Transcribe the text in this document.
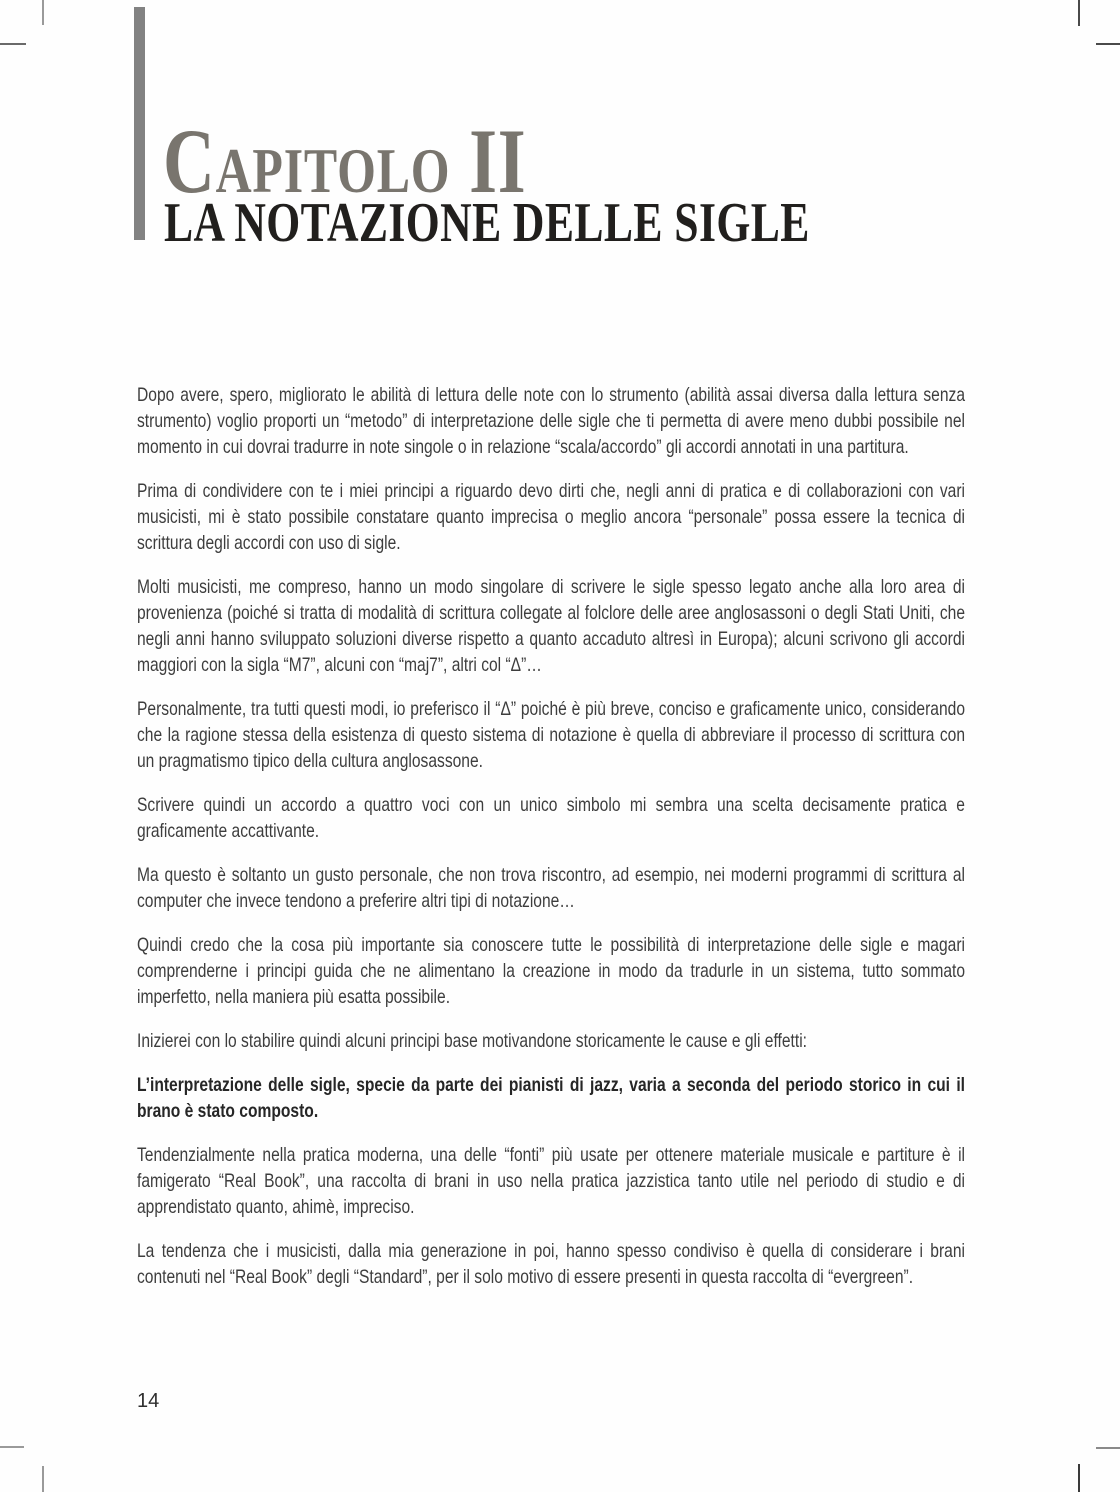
Capitolo II
LA NOTAZIONE DELLE SIGLE

Dopo avere, spero, migliorato le abilità di lettura delle note con lo strumento (abilità assai diversa dalla lettura senza strumento) voglio proporti un “metodo” di interpretazione delle sigle che ti permetta di avere meno dubbi possibile nel momento in cui dovrai tradurre in note singole o in relazione “scala/accordo” gli accordi annotati in una partitura.

Prima di condividere con te i miei principi a riguardo devo dirti che, negli anni di pratica e di collaborazioni con vari musicisti, mi è stato possibile constatare quanto imprecisa o meglio ancora “personale” possa essere la tecnica di scrittura degli accordi con uso di sigle.

Molti musicisti, me compreso, hanno un modo singolare di scrivere le sigle spesso legato anche alla loro area di provenienza (poiché si tratta di modalità di scrittura collegate al folclore delle aree anglosassoni o degli Stati Uniti, che negli anni hanno sviluppato soluzioni diverse rispetto a quanto accaduto altresì in Europa); alcuni scrivono gli accordi maggiori con la sigla “M7”, alcuni con “maj7”, altri col “Δ”…

Personalmente, tra tutti questi modi, io preferisco il “Δ” poiché è più breve, conciso e graficamente unico, considerando che la ragione stessa della esistenza di questo sistema di notazione è quella di abbreviare il processo di scrittura con un pragmatismo tipico della cultura anglosassone.

Scrivere quindi un accordo a quattro voci con un unico simbolo mi sembra una scelta decisamente pratica e graficamente accattivante.

Ma questo è soltanto un gusto personale, che non trova riscontro, ad esempio, nei moderni programmi di scrittura al computer che invece tendono a preferire altri tipi di notazione…

Quindi credo che la cosa più importante sia conoscere tutte le possibilità di interpretazione delle sigle e magari comprenderne i principi guida che ne alimentano la creazione in modo da tradurle in un sistema, tutto sommato imperfetto, nella maniera più esatta possibile.

Inizierei con lo stabilire quindi alcuni principi base motivandone storicamente le cause e gli effetti:

L’interpretazione delle sigle, specie da parte dei pianisti di jazz, varia a seconda del periodo storico in cui il brano è stato composto.

Tendenzialmente nella pratica moderna, una delle “fonti” più usate per ottenere materiale musicale e partiture è il famigerato “Real Book”, una raccolta di brani in uso nella pratica jazzistica tanto utile nel periodo di studio e di apprendistato quanto, ahimè, impreciso.

La tendenza che i musicisti, dalla mia generazione in poi, hanno spesso condiviso è quella di considerare i brani contenuti nel “Real Book” degli “Standard”, per il solo motivo di essere presenti in questa raccolta di “evergreen”.

14
